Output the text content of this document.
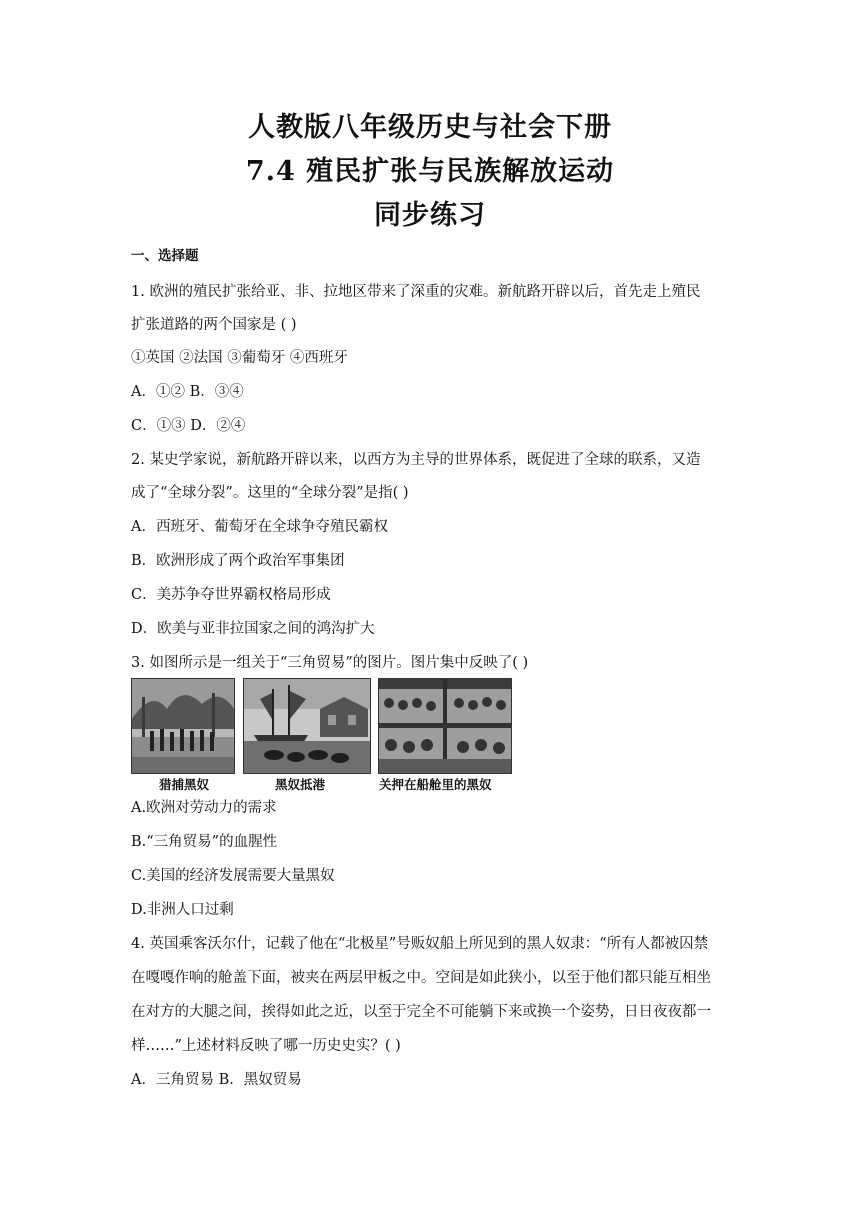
人教版八年级历史与社会下册
7.4 殖民扩张与民族解放运动
同步练习
一、选择题
1. 欧洲的殖民扩张给亚、非、拉地区带来了深重的灾难。新航路开辟以后，首先走上殖民
扩张道路的两个国家是 ( )
①英国 ②法国 ③葡萄牙 ④西班牙
A．①② B．③④
C．①③ D．②④
2. 某史学家说，新航路开辟以来，以西方为主导的世界体系，既促进了全球的联系，又造
成了“全球分裂”。这里的“全球分裂”是指( )
A．西班牙、葡萄牙在全球争夺殖民霸权
B．欧洲形成了两个政治军事集团
C．美苏争夺世界霸权格局形成
D．欧美与亚非拉国家之间的鸿沟扩大
3. 如图所示是一组关于“三角贸易”的图片。图片集中反映了( )
猎捕黑奴	黑奴抵港	关押在船舱里的黑奴
A.欧洲对劳动力的需求
B.“三角贸易”的血腥性
C.美国的经济发展需要大量黑奴
D.非洲人口过剩
4. 英国乘客沃尔什，记载了他在“北极星”号贩奴船上所见到的黑人奴隶：“所有人都被囚禁
在嘎嘎作响的舱盖下面，被夹在两层甲板之中。空间是如此狭小，以至于他们都只能互相坐
在对方的大腿之间，挨得如此之近，以至于完全不可能躺下来或换一个姿势，日日夜夜都一
样……”上述材料反映了哪一历史史实？( )
A．三角贸易 B．黑奴贸易
